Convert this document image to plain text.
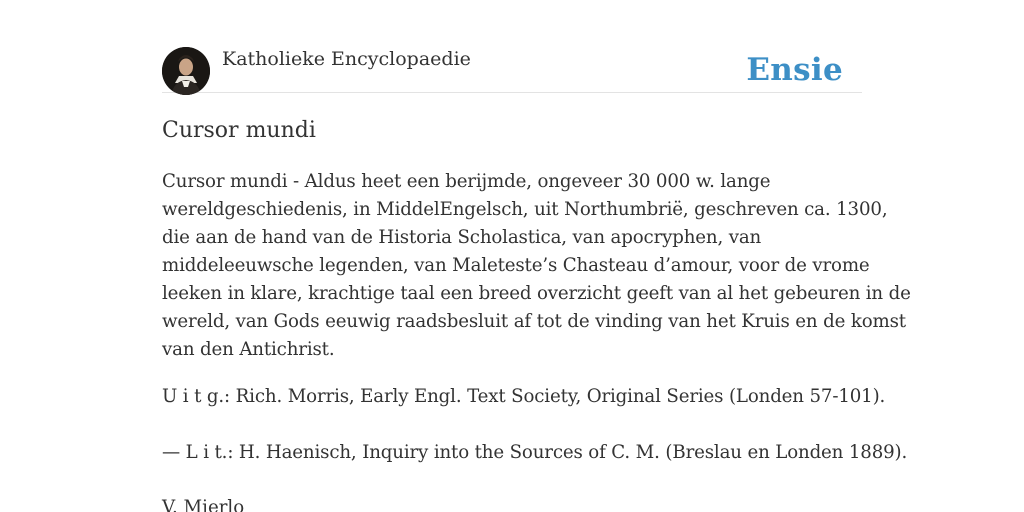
Katholieke Encyclopaedie	Ensie
Cursor mundi

Cursor mundi - Aldus heet een berijmde, ongeveer 30 000 w. lange
wereldgeschiedenis, in MiddelEngelsch, uit Northumbrië, geschreven ca. 1300,
die aan de hand van de Historia Scholastica, van apocryphen, van
middeleeuwsche legenden, van Maleteste’s Chasteau d’amour, voor de vrome
leeken in klare, krachtige taal een breed overzicht geeft van al het gebeuren in de
wereld, van Gods eeuwig raadsbesluit af tot de vinding van het Kruis en de komst
van den Antichrist.

U i t g.: Rich. Morris, Early Engl. Text Society, Original Series (Londen 57-101).

— L i t.: H. Haenisch, Inquiry into the Sources of C. M. (Breslau en Londen 1889).

V. Mierlo
